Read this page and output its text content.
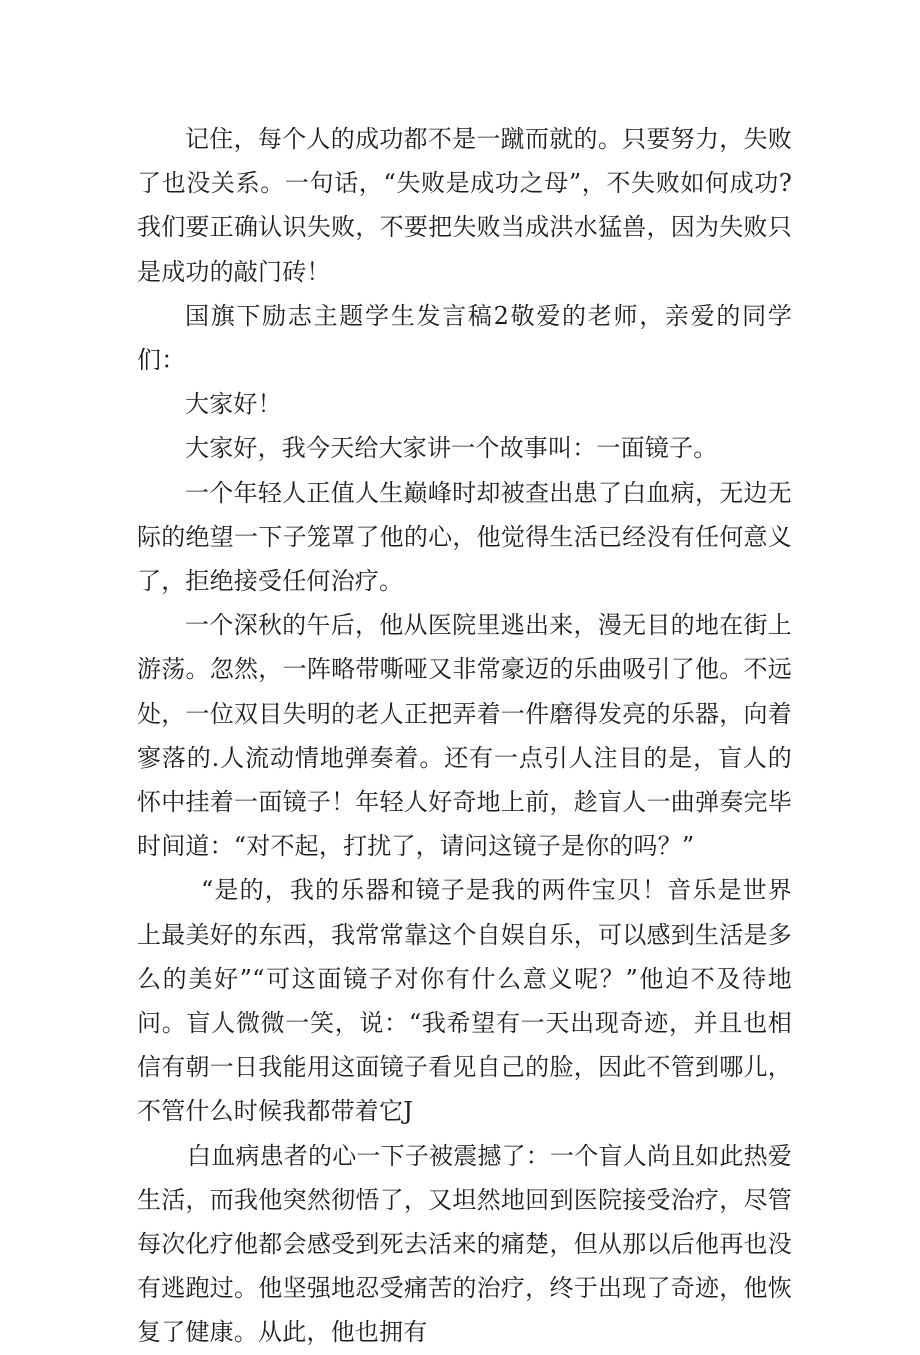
记住，每个人的成功都不是一蹴而就的。只要努力，失败了也没关系。一句话，“失败是成功之母”，不失败如何成功?我们要正确认识失败，不要把失败当成洪水猛兽，因为失败只是成功的敲门砖！

国旗下励志主题学生发言稿2敬爱的老师，亲爱的同学们：

大家好！

大家好，我今天给大家讲一个故事叫：一面镜子。

一个年轻人正值人生巅峰时却被查出患了白血病，无边无际的绝望一下子笼罩了他的心，他觉得生活已经没有任何意义了，拒绝接受任何治疗。

一个深秋的午后，他从医院里逃出来，漫无目的地在街上游荡。忽然，一阵略带嘶哑又非常豪迈的乐曲吸引了他。不远处，一位双目失明的老人正把弄着一件磨得发亮的乐器，向着寥落的.人流动情地弹奏着。还有一点引人注目的是，盲人的怀中挂着一面镜子！年轻人好奇地上前，趁盲人一曲弹奏完毕时间道：“对不起，打扰了，请问这镜子是你的吗？”

“是的，我的乐器和镜子是我的两件宝贝！音乐是世界上最美好的东西，我常常靠这个自娱自乐，可以感到生活是多么的美好”“可这面镜子对你有什么意义呢？”他迫不及待地问。盲人微微一笑，说：“我希望有一天出现奇迹，并且也相信有朝一日我能用这面镜子看见自己的脸，因此不管到哪儿，不管什么时候我都带着它J

白血病患者的心一下子被震撼了：一个盲人尚且如此热爱生活，而我他突然彻悟了，又坦然地回到医院接受治疗，尽管每次化疗他都会感受到死去活来的痛楚，但从那以后他再也没有逃跑过。他坚强地忍受痛苦的治疗，终于出现了奇迹，他恢复了健康。从此，他也拥有
